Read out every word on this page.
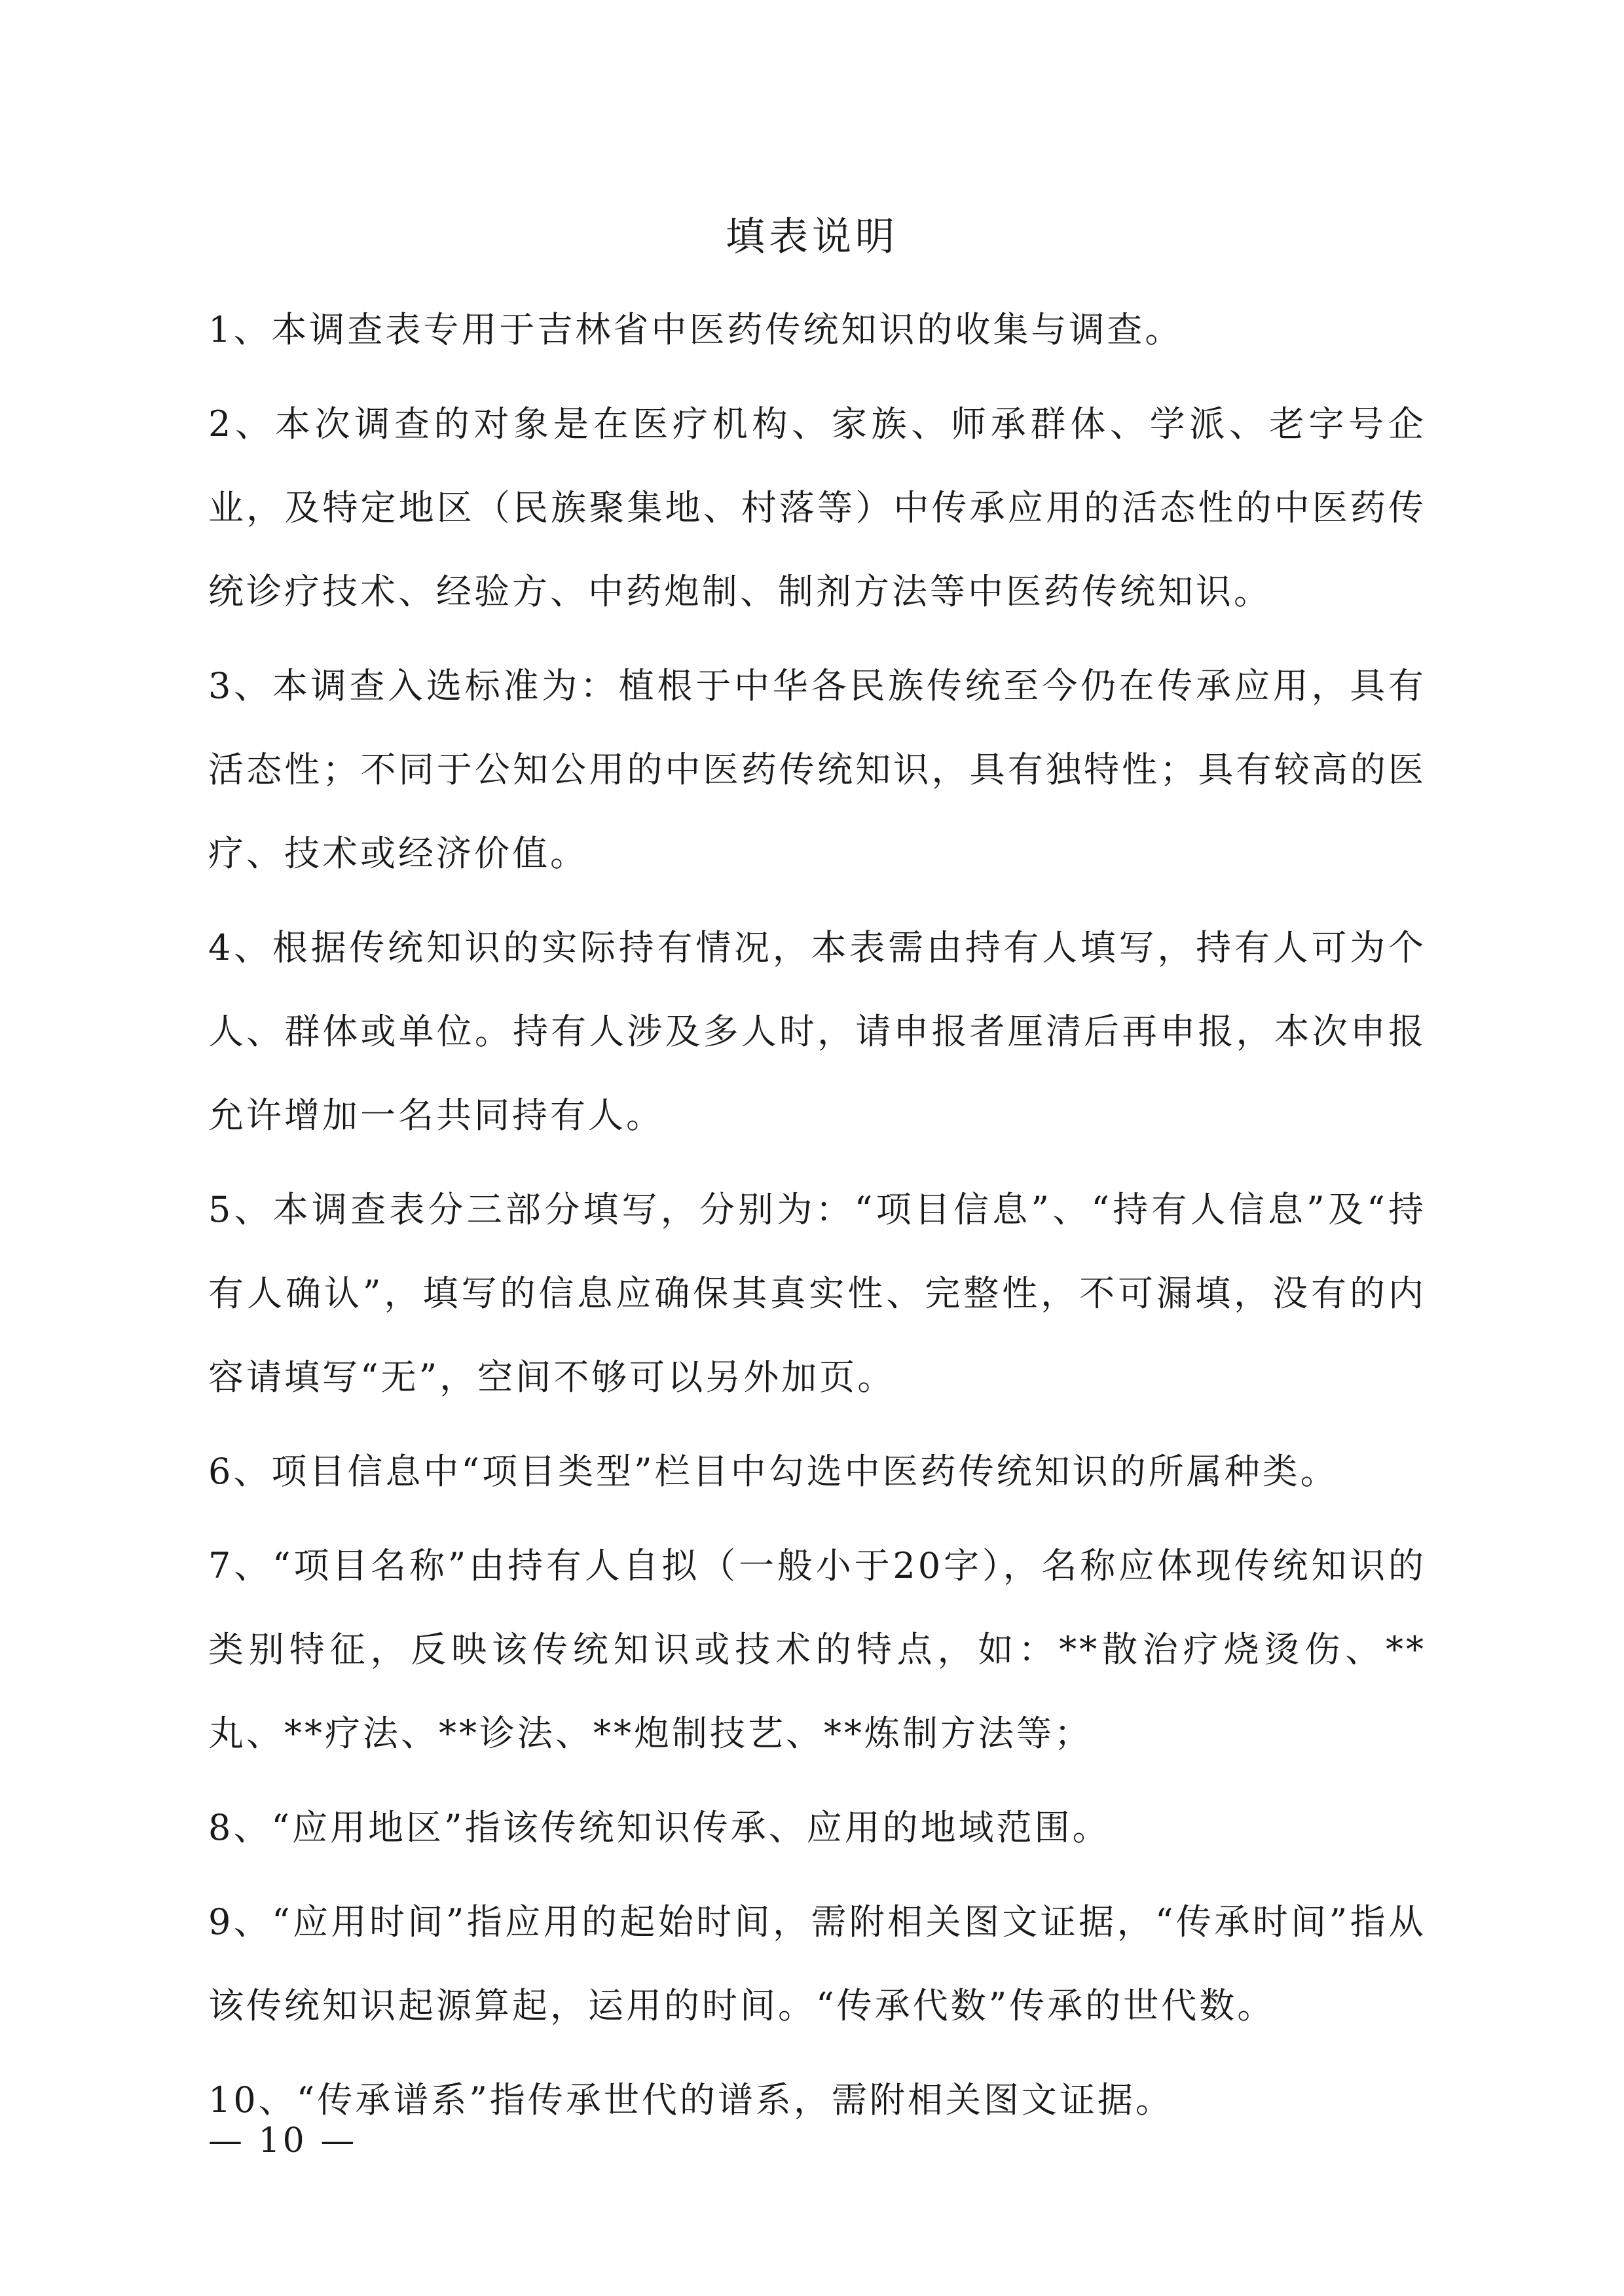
填表说明
1、本调查表专用于吉林省中医药传统知识的收集与调查。
2、本次调查的对象是在医疗机构、家族、师承群体、学派、老字号企业，及特定地区（民族聚集地、村落等）中传承应用的活态性的中医药传统诊疗技术、经验方、中药炮制、制剂方法等中医药传统知识。
3、本调查入选标准为：植根于中华各民族传统至今仍在传承应用，具有活态性；不同于公知公用的中医药传统知识，具有独特性；具有较高的医疗、技术或经济价值。
4、根据传统知识的实际持有情况，本表需由持有人填写，持有人可为个人、群体或单位。持有人涉及多人时，请申报者厘清后再申报，本次申报允许增加一名共同持有人。
5、本调查表分三部分填写，分别为：“项目信息”、“持有人信息”及“持有人确认”，填写的信息应确保其真实性、完整性，不可漏填，没有的内容请填写“无”，空间不够可以另外加页。
6、项目信息中“项目类型”栏目中勾选中医药传统知识的所属种类。
7、“项目名称”由持有人自拟（一般小于20字），名称应体现传统知识的类别特征，反映该传统知识或技术的特点，如：**散治疗烧烫伤、**丸、**疗法、**诊法、**炮制技艺、**炼制方法等；
8、“应用地区”指该传统知识传承、应用的地域范围。
9、“应用时间”指应用的起始时间，需附相关图文证据，“传承时间”指从该传统知识起源算起，运用的时间。“传承代数”传承的世代数。
10、“传承谱系”指传承世代的谱系，需附相关图文证据。
— 10 —
